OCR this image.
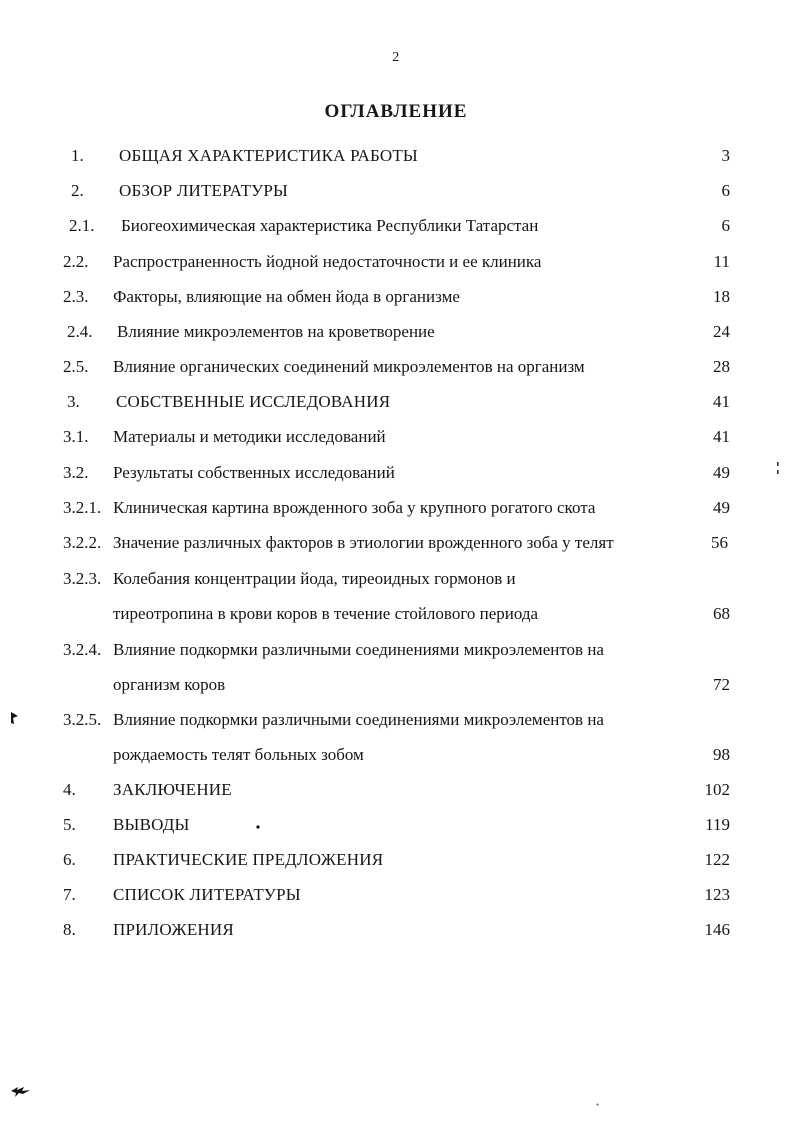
2
ОГЛАВЛЕНИЕ
1. ОБЩАЯ ХАРАКТЕРИСТИКА РАБОТЫ	3
2. ОБЗОР ЛИТЕРАТУРЫ	6
2.1. Биогеохимическая характеристика Республики Татарстан	6
2.2. Распространенность йодной недостаточности и ее клиника	11
2.3. Факторы, влияющие на обмен йода в организме	18
2.4. Влияние микроэлементов на кроветворение	24
2.5. Влияние органических соединений микроэлементов на организм	28
3. СОБСТВЕННЫЕ ИССЛЕДОВАНИЯ	41
3.1. Материалы и методики исследований	41
3.2. Результаты собственных исследований	49
3.2.1. Клиническая картина врожденного зоба у крупного рогатого скота	49
3.2.2. Значение различных факторов в этиологии врожденного зоба у телят	56
3.2.3. Колебания концентрации йода, тиреоидных гормонов и
тиреотропина в крови коров в течение стойлового периода	68
3.2.4. Влияние подкормки различными соединениями микроэлементов на
организм коров	72
3.2.5. Влияние подкормки различными соединениями микроэлементов на
рождаемость телят больных зобом	98
4. ЗАКЛЮЧЕНИЕ	102
5. ВЫВОДЫ	119
6. ПРАКТИЧЕСКИЕ ПРЕДЛОЖЕНИЯ	122
7. СПИСОК ЛИТЕРАТУРЫ	123
8. ПРИЛОЖЕНИЯ	146
